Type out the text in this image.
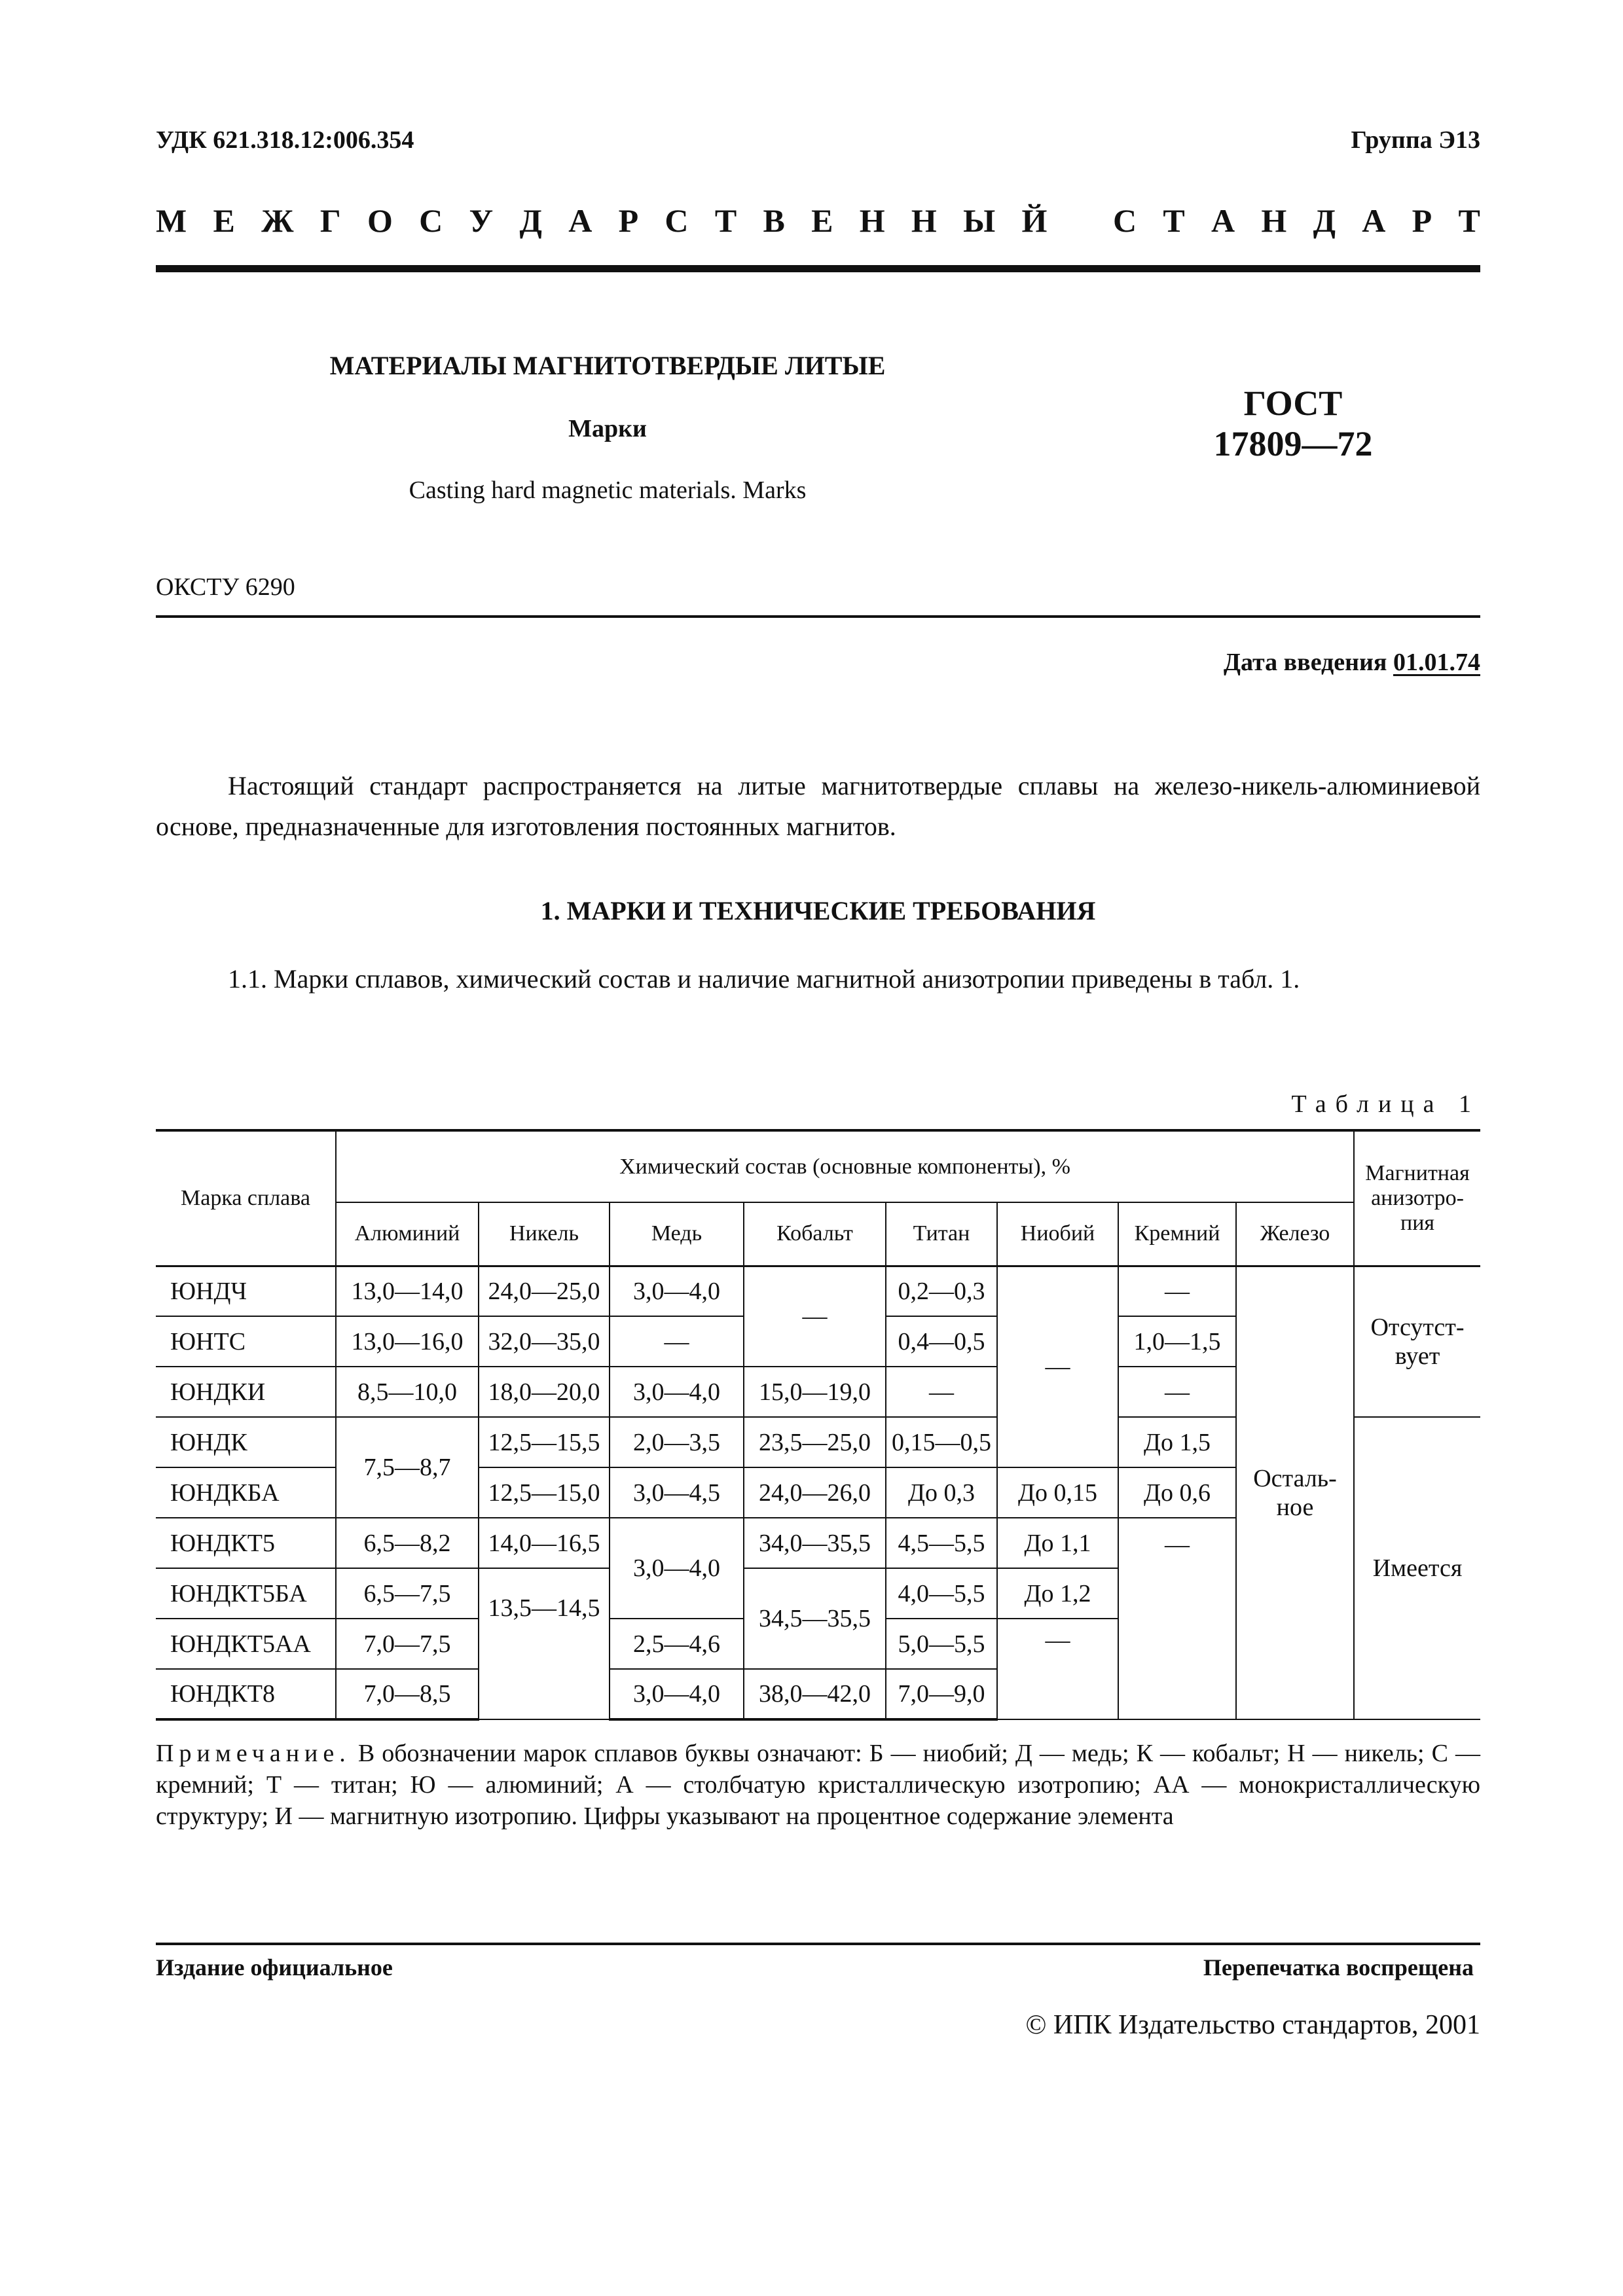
УДК 621.318.12:006.354	Группа Э13
М Е Ж Г О С У Д А Р С Т В Е Н Н Ы Й С Т А Н Д А Р Т
МАТЕРИАЛЫ МАГНИТОТВЕРДЫЕ ЛИТЫЕ
Марки
Casting hard magnetic materials. Marks
ГОСТ
17809—72
ОКСТУ 6290
Дата введения 01.01.74
Настоящий стандарт распространяется на литые магнитотвердые сплавы на железо-никель-алюминиевой основе, предназначенные для изготовления постоянных магнитов.
1. МАРКИ И ТЕХНИЧЕСКИЕ ТРЕБОВАНИЯ
1.1. Марки сплавов, химический состав и наличие магнитной анизотропии приведены в табл. 1.
Таблица 1
Марка сплава	Химический состав (основные компоненты), %								Магнитная анизотро-пия
	Алюминий	Никель	Медь	Кобальт	Титан	Ниобий	Кремний	Железо	
ЮНДЧ	13,0—14,0	24,0—25,0	3,0—4,0	—	0,2—0,3	—	—	Осталь-ное	Отсутст-вует
ЮНТС	13,0—16,0	32,0—35,0	—		0,4—0,5		1,0—1,5		
ЮНДКИ	8,5—10,0	18,0—20,0	3,0—4,0	15,0—19,0	—		—		
ЮНДК	7,5—8,7	12,5—15,5	2,0—3,5	23,5—25,0	0,15—0,5		До 1,5		Имеется
ЮНДКБА		12,5—15,0	3,0—4,5	24,0—26,0	До 0,3	До 0,15	До 0,6		
ЮНДКТ5	6,5—8,2	14,0—16,5	3,0—4,0	34,0—35,5	4,5—5,5	До 1,1	—		
ЮНДКТ5БА	6,5—7,5	13,5—14,5		34,5—35,5	4,0—5,5	До 1,2			
ЮНДКТ5АА	7,0—7,5		2,5—4,6		5,0—5,5	—			
ЮНДКТ8	7,0—8,5		3,0—4,0	38,0—42,0	7,0—9,0				
Примечание. В обозначении марок сплавов буквы означают: Б — ниобий; Д — медь; К — кобальт; Н — никель; С — кремний; Т — титан; Ю — алюминий; А — столбчатую кристаллическую изотропию; АА — монокристаллическую структуру; И — магнитную изотропию. Цифры указывают на процентное содержание элемента
Издание официальное	Перепечатка воспрещена
© ИПК Издательство стандартов, 2001
